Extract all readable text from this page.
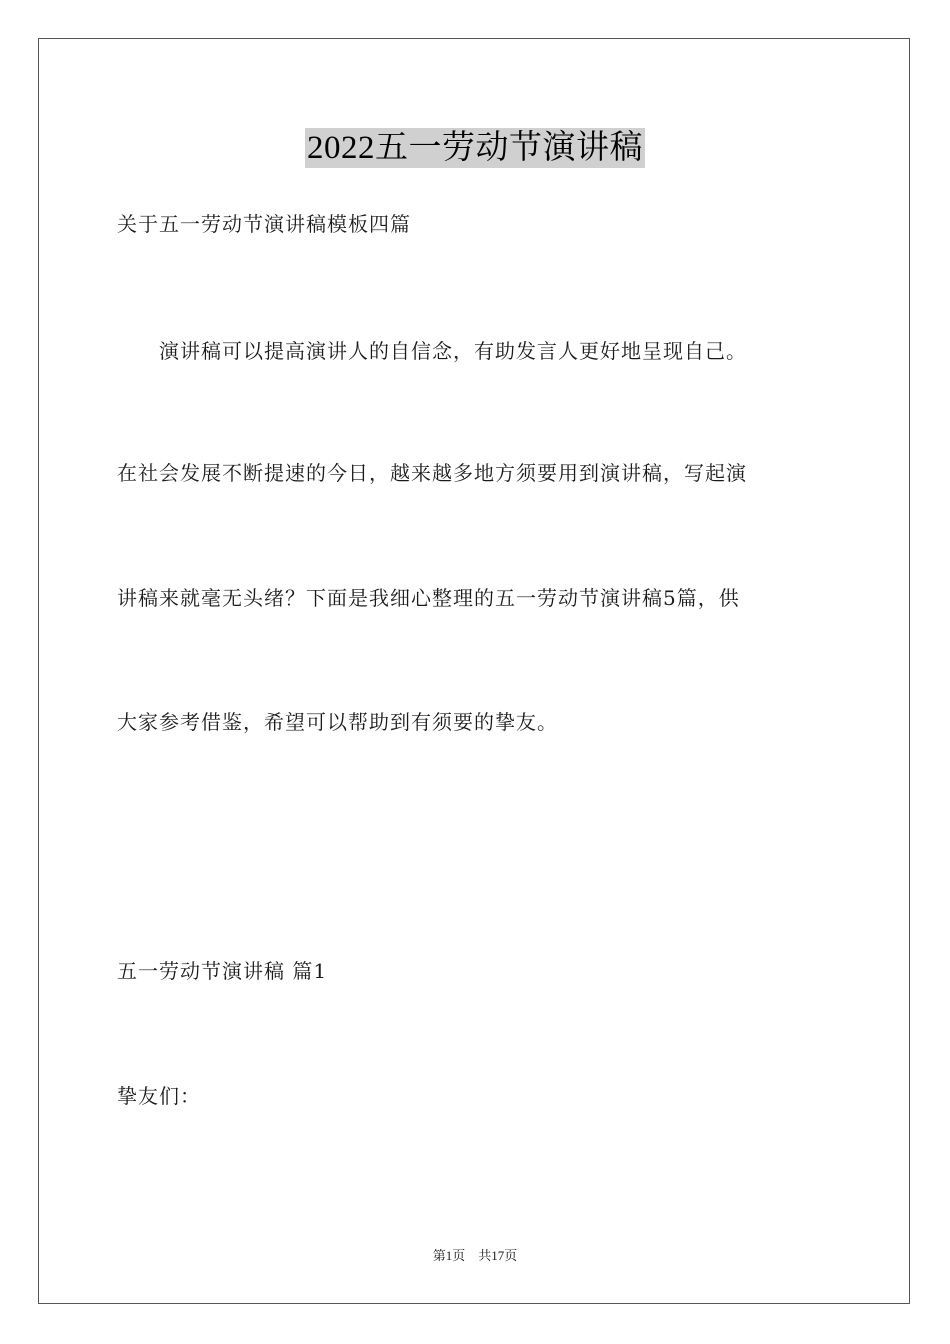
2022五一劳动节演讲稿
关于五一劳动节演讲稿模板四篇
　　演讲稿可以提高演讲人的自信念，有助发言人更好地呈现自己。
在社会发展不断提速的今日，越来越多地方须要用到演讲稿，写起演
讲稿来就毫无头绪？下面是我细心整理的五一劳动节演讲稿5篇，供
大家参考借鉴，希望可以帮助到有须要的挚友。
五一劳动节演讲稿 篇1
挚友们：
第1页　共17页
